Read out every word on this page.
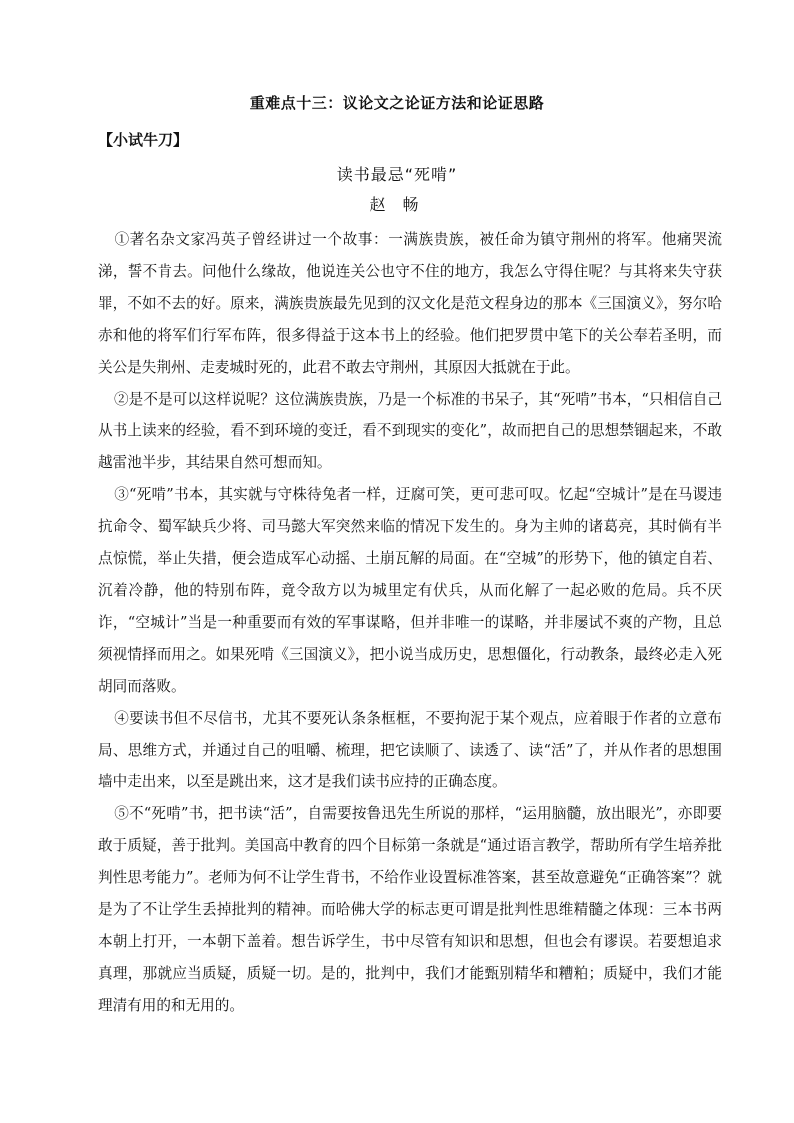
重难点十三：议论文之论证方法和论证思路
【小试牛刀】
读书最忌“死啃”
赵 畅

①著名杂文家冯英子曾经讲过一个故事：一满族贵族，被任命为镇守荆州的将军。他痛哭流涕，誓不肯去。问他什么缘故，他说连关公也守不住的地方，我怎么守得住呢？与其将来失守获罪，不如不去的好。原来，满族贵族最先见到的汉文化是范文程身边的那本《三国演义》，努尔哈赤和他的将军们行军布阵，很多得益于这本书上的经验。他们把罗贯中笔下的关公奉若圣明，而关公是失荆州、走麦城时死的，此君不敢去守荆州，其原因大抵就在于此。

②是不是可以这样说呢？这位满族贵族，乃是一个标准的书呆子，其“死啃”书本，“只相信自己从书上读来的经验，看不到环境的变迁，看不到现实的变化”，故而把自己的思想禁锢起来，不敢越雷池半步，其结果自然可想而知。

③“死啃”书本，其实就与守株待兔者一样，迂腐可笑，更可悲可叹。忆起“空城计”是在马谡违抗命令、蜀军缺兵少将、司马懿大军突然来临的情况下发生的。身为主帅的诸葛亮，其时倘有半点惊慌，举止失措，便会造成军心动摇、土崩瓦解的局面。在“空城”的形势下，他的镇定自若、沉着冷静，他的特别布阵，竟令敌方以为城里定有伏兵，从而化解了一起必败的危局。兵不厌诈，“空城计”当是一种重要而有效的军事谋略，但并非唯一的谋略，并非屡试不爽的产物，且总须视情择而用之。如果死啃《三国演义》，把小说当成历史，思想僵化，行动教条，最终必走入死胡同而落败。

④要读书但不尽信书，尤其不要死认条条框框，不要拘泥于某个观点，应着眼于作者的立意布局、思维方式，并通过自己的咀嚼、梳理，把它读顺了、读透了、读“活”了，并从作者的思想围墙中走出来，以至是跳出来，这才是我们读书应持的正确态度。

⑤不“死啃”书，把书读“活”，自需要按鲁迅先生所说的那样，“运用脑髓，放出眼光”，亦即要敢于质疑，善于批判。美国高中教育的四个目标第一条就是“通过语言教学，帮助所有学生培养批判性思考能力”。老师为何不让学生背书，不给作业设置标准答案，甚至故意避免“正确答案”？就是为了不让学生丢掉批判的精神。而哈佛大学的标志更可谓是批判性思维精髓之体现：三本书两本朝上打开，一本朝下盖着。想告诉学生，书中尽管有知识和思想，但也会有谬误。若要想追求真理，那就应当质疑，质疑一切。是的，批判中，我们才能甄别精华和糟粕；质疑中，我们才能理清有用的和无用的。
